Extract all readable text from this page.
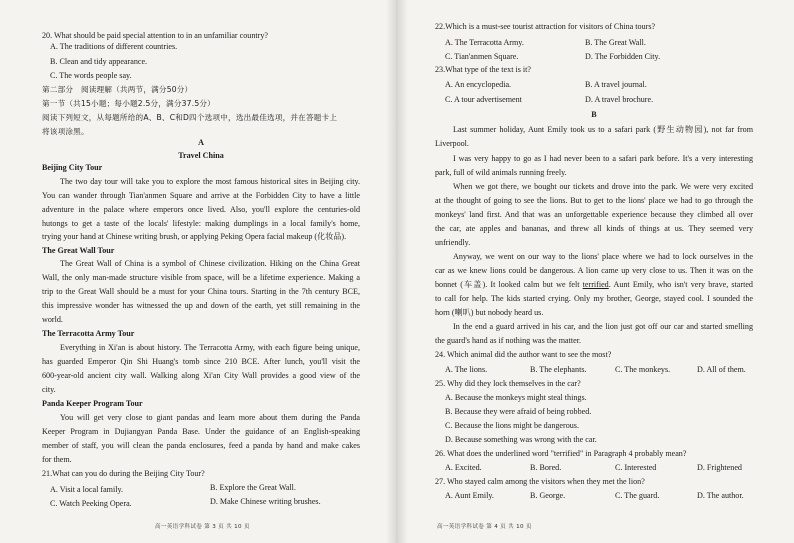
20. What should be paid special attention to in an unfamiliar country?
A. The traditions of different countries.
B. Clean and tidy appearance.
C. The words people say.
第二部分　阅读理解（共两节，满分50分）
第一节（共15小题；每小题2.5分，满分37.5分）
阅读下列短文，从每题所给的A、B、C和D四个选项中，选出最佳选项，并在答题卡上
将该项涂黑。
A
Travel China
Beijing City Tour
The two day tour will take you to explore the most famous historical sites in Beijing city.
You can wander through Tian'anmen Square and arrive at the Forbidden City to have a little
adventure in the palace where emperors once lived. Also, you'll explore the centuries-old
hutongs to get a taste of the locals' lifestyle: making dumplings in a local family's home,
trying your hand at Chinese writing brush, or applying Peking Opera facial makeup (化妆品).
The Great Wall Tour
The Great Wall of China is a symbol of Chinese civilization. Hiking on the China Great
Wall, the only man-made structure visible from space, will be a lifetime experience. Making a
trip to the Great Wall should be a must for your China tours. Starting in the 7th century BCE,
this impressive wonder has witnessed the up and down of the earth, yet still remaining in the
world.
The Terracotta Army Tour
Everything in Xi'an is about history. The Terracotta Army, with each figure being unique,
has guarded Emperor Qin Shi Huang's tomb since 210 BCE. After lunch, you'll visit the
600-year-old ancient city wall. Walking along Xi'an City Wall provides a good view of the
city.
Panda Keeper Program Tour
You will get very close to giant pandas and learn more about them during the Panda
Keeper Program in Dujiangyan Panda Base. Under the guidance of an English-speaking
member of staff, you will clean the panda enclosures, feed a panda by hand and make cakes
for them.
21.What can you do during the Beijing City Tour?
A. Visit a local family.	B. Explore the Great Wall.
C. Watch Peeking Opera.	D. Make Chinese writing brushes.
高一英语学科试卷 第 3 页 共 10 页
22.Which is a must-see tourist attraction for visitors of China tours?
A. The Terracotta Army.	B. The Great Wall.
C. Tian'anmen Square.	D. The Forbidden City.
23.What type of the text is it?
A. An encyclopedia.	B. A travel journal.
C. A tour advertisement	D. A travel brochure.
B
Last summer holiday, Aunt Emily took us to a safari park (野生动物园), not far from
Liverpool.
I was very happy to go as I had never been to a safari park before. It's a very interesting
park, full of wild animals running freely.
When we got there, we bought our tickets and drove into the park. We were very excited
at the thought of going to see the lions. But to get to the lions' place we had to go through the
monkeys' land first. And that was an unforgettable experience because they climbed all over
the car, ate apples and bananas, and threw all kinds of things at us. They seemed very
unfriendly.
Anyway, we went on our way to the lions' place where we had to lock ourselves in the
car as we knew lions could be dangerous. A lion came up very close to us. Then it was on the
bonnet (车盖). It looked calm but we felt terrified. Aunt Emily, who isn't very brave, started
to call for help. The kids started crying. Only my brother, George, stayed cool. I sounded the
horn (喇叭) but nobody heard us.
In the end a guard arrived in his car, and the lion just got off our car and started smelling
the guard's hand as if nothing was the matter.
24. Which animal did the author want to see the most?
A. The lions.	B. The elephants.	C. The monkeys.	D. All of them.
25. Why did they lock themselves in the car?
A. Because the monkeys might steal things.
B. Because they were afraid of being robbed.
C. Because the lions might be dangerous.
D. Because something was wrong with the car.
26. What does the underlined word "terrified" in Paragraph 4 probably mean?
A. Excited.	B. Bored.	C. Interested	D. Frightened
27. Who stayed calm among the visitors when they met the lion?
A. Aunt Emily.	B. George.	C. The guard.	D. The author.
高一英语学科试卷 第 4 页 共 10 页
